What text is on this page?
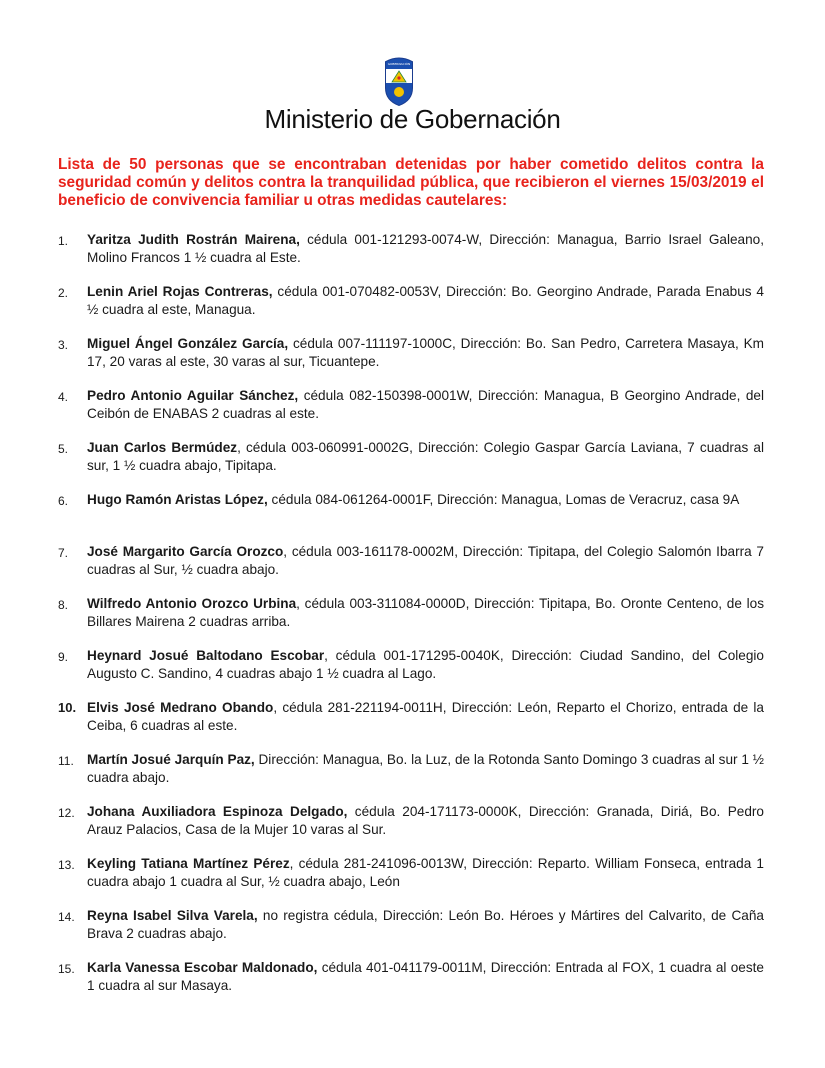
GOBERNACIÓN
Ministerio de Gobernación
Lista de 50 personas que se encontraban detenidas por haber cometido delitos contra la seguridad común y delitos contra la tranquilidad pública, que recibieron el viernes 15/03/2019 el beneficio de convivencia familiar u otras medidas cautelares:
1.	Yaritza Judith Rostrán Mairena, cédula 001-121293-0074-W, Dirección: Managua, Barrio Israel Galeano, Molino Francos 1 ½ cuadra al Este.
2.	Lenin Ariel Rojas Contreras, cédula 001-070482-0053V, Dirección: Bo. Georgino Andrade, Parada Enabus 4 ½ cuadra al este, Managua.
3.	Miguel Ángel González García, cédula 007-111197-1000C, Dirección: Bo. San Pedro, Carretera Masaya, Km 17, 20 varas al este, 30 varas al sur, Ticuantepe.
4.	Pedro Antonio Aguilar Sánchez, cédula 082-150398-0001W, Dirección: Managua, B Georgino Andrade, del Ceibón de ENABAS 2 cuadras al este.
5.	Juan Carlos Bermúdez, cédula 003-060991-0002G, Dirección: Colegio Gaspar García Laviana, 7 cuadras al sur, 1 ½ cuadra abajo, Tipitapa.
6.	Hugo Ramón Aristas López, cédula 084-061264-0001F, Dirección: Managua, Lomas de Veracruz, casa 9A
7.	José Margarito García Orozco, cédula 003-161178-0002M, Dirección: Tipitapa, del Colegio Salomón Ibarra 7 cuadras al Sur, ½ cuadra abajo.
8.	Wilfredo Antonio Orozco Urbina, cédula 003-311084-0000D, Dirección: Tipitapa, Bo. Oronte Centeno, de los Billares Mairena 2 cuadras arriba.
9.	Heynard Josué Baltodano Escobar, cédula 001-171295-0040K, Dirección: Ciudad Sandino, del Colegio Augusto C. Sandino, 4 cuadras abajo 1 ½ cuadra al Lago.
10. Elvis José Medrano Obando, cédula 281-221194-0011H, Dirección: León, Reparto el Chorizo, entrada de la Ceiba, 6 cuadras al este.
11. Martín Josué Jarquín Paz, Dirección: Managua, Bo. la Luz, de la Rotonda Santo Domingo 3 cuadras al sur 1 ½ cuadra abajo.
12. Johana Auxiliadora Espinoza Delgado, cédula 204-171173-0000K, Dirección: Granada, Diriá, Bo. Pedro Arauz Palacios, Casa de la Mujer 10 varas al Sur.
13. Keyling Tatiana Martínez Pérez, cédula 281-241096-0013W, Dirección: Reparto. William Fonseca, entrada 1 cuadra abajo 1 cuadra al Sur, ½ cuadra abajo, León
14. Reyna Isabel Silva Varela, no registra cédula, Dirección: León Bo. Héroes y Mártires del Calvarito, de Caña Brava 2 cuadras abajo.
15. Karla Vanessa Escobar Maldonado, cédula 401-041179-0011M, Dirección: Entrada al FOX, 1 cuadra al oeste 1 cuadra al sur Masaya.
